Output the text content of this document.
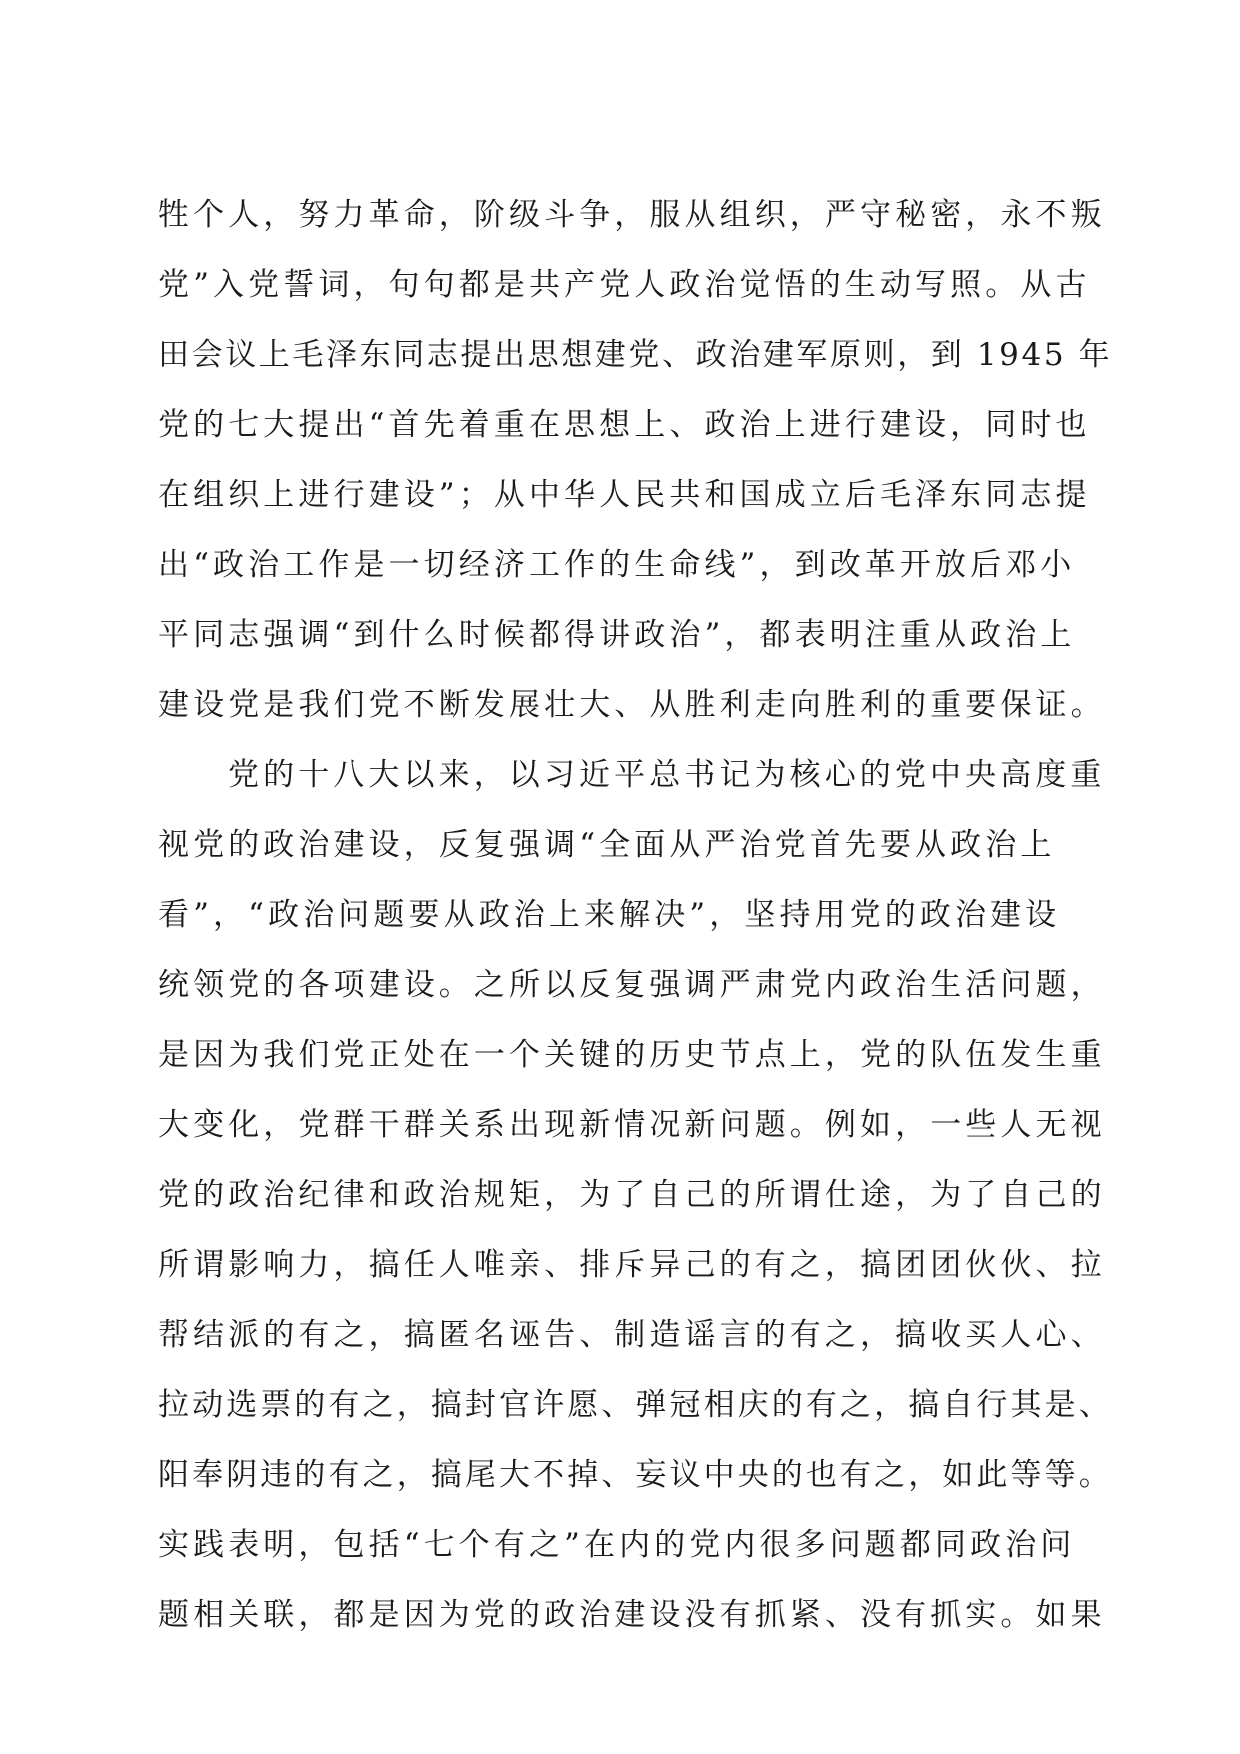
牲个人，努力革命，阶级斗争，服从组织，严守秘密，永不叛
党”入党誓词，句句都是共产党人政治觉悟的生动写照。从古
田会议上毛泽东同志提出思想建党、政治建军原则，到 1945 年
党的七大提出“首先着重在思想上、政治上进行建设，同时也
在组织上进行建设”；从中华人民共和国成立后毛泽东同志提
出“政治工作是一切经济工作的生命线”，到改革开放后邓小
平同志强调“到什么时候都得讲政治”，都表明注重从政治上
建设党是我们党不断发展壮大、从胜利走向胜利的重要保证。
党的十八大以来，以习近平总书记为核心的党中央高度重
视党的政治建设，反复强调“全面从严治党首先要从政治上
看”，“政治问题要从政治上来解决”，坚持用党的政治建设
统领党的各项建设。之所以反复强调严肃党内政治生活问题，
是因为我们党正处在一个关键的历史节点上，党的队伍发生重
大变化，党群干群关系出现新情况新问题。例如，一些人无视
党的政治纪律和政治规矩，为了自己的所谓仕途，为了自己的
所谓影响力，搞任人唯亲、排斥异己的有之，搞团团伙伙、拉
帮结派的有之，搞匿名诬告、制造谣言的有之，搞收买人心、
拉动选票的有之，搞封官许愿、弹冠相庆的有之，搞自行其是、
阳奉阴违的有之，搞尾大不掉、妄议中央的也有之，如此等等。
实践表明，包括“七个有之”在内的党内很多问题都同政治问
题相关联，都是因为党的政治建设没有抓紧、没有抓实。如果
